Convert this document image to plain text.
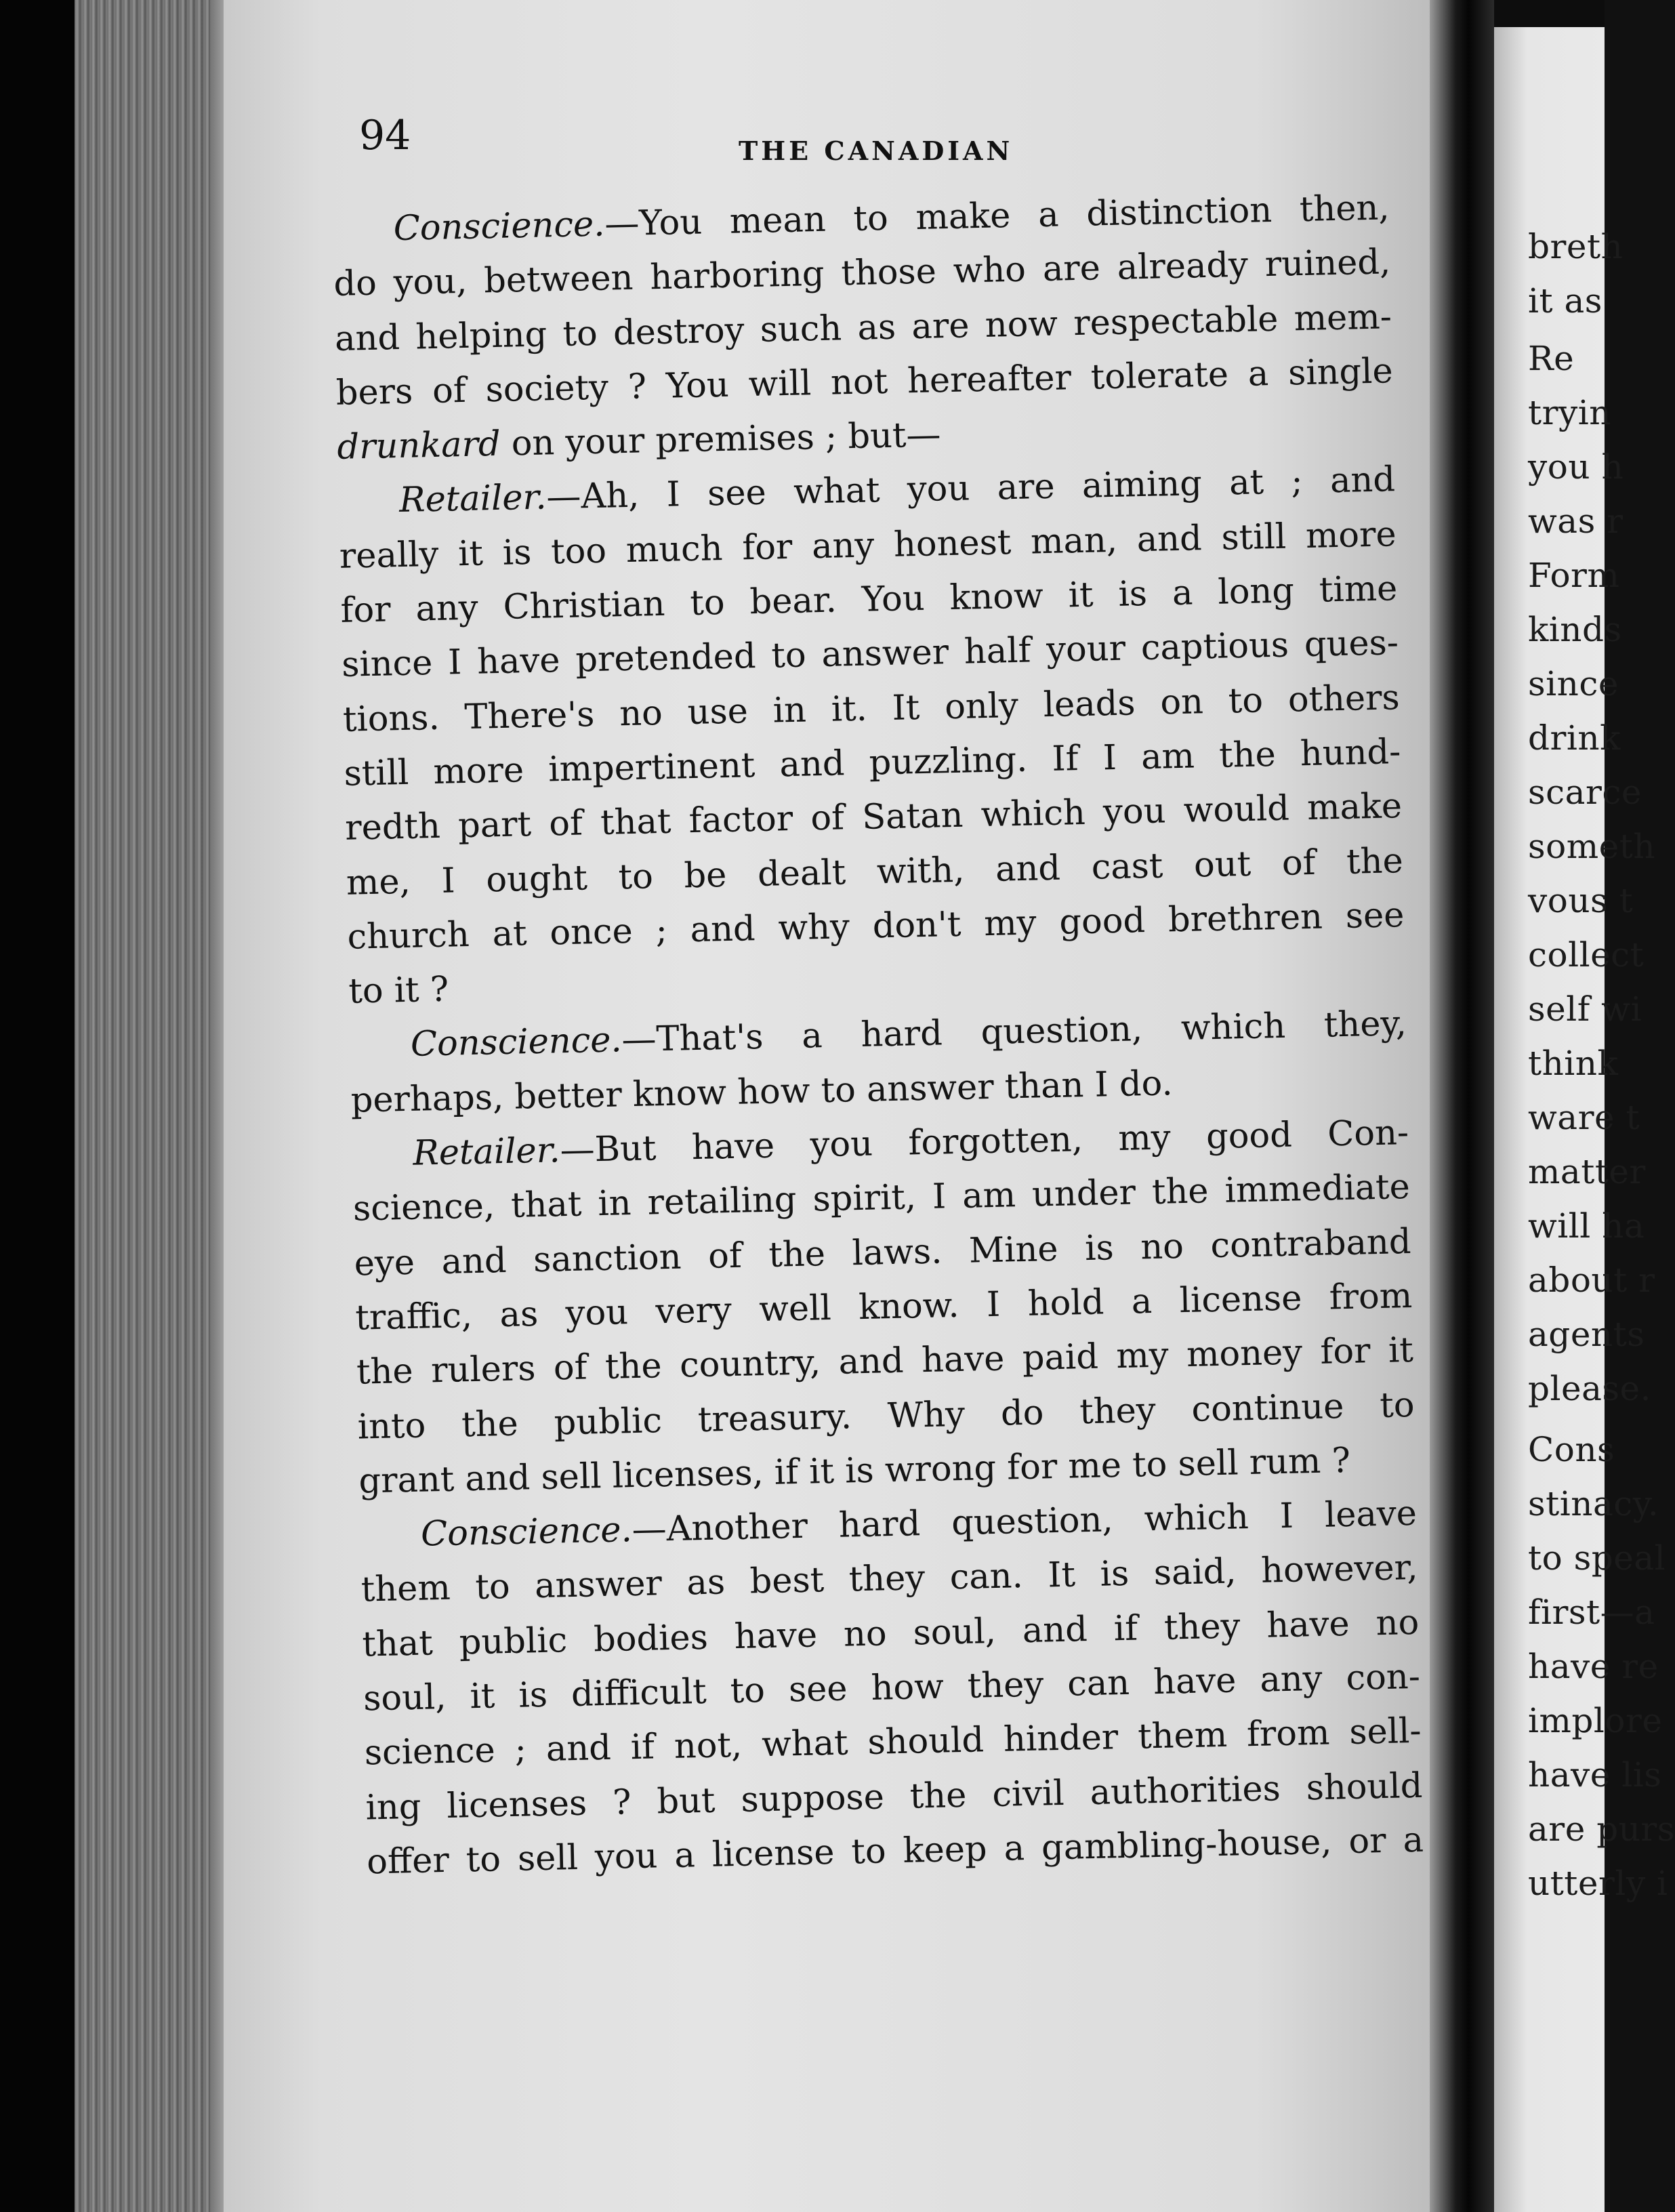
94	THE CANADIAN
Conscience.—You mean to make a distinction then,
do you, between harboring those who are already ruined,
and helping to destroy such as are now respectable mem-
bers of society ? You will not hereafter tolerate a single
drunkard on your premises ; but—
Retailer.—Ah, I see what you are aiming at ; and
really it is too much for any honest man, and still more
for any Christian to bear. You know it is a long time
since I have pretended to answer half your captious ques-
tions. There's no use in it. It only leads on to others
still more impertinent and puzzling. If I am the hund-
redth part of that factor of Satan which you would make
me, I ought to be dealt with, and cast out of the
church at once ; and why don't my good brethren see
to it ?
Conscience.—That's a hard question, which they,
perhaps, better know how to answer than I do.
Retailer.—But have you forgotten, my good Con-
science, that in retailing spirit, I am under the immediate
eye and sanction of the laws. Mine is no contraband
traffic, as you very well know. I hold a license from
the rulers of the country, and have paid my money for it
into the public treasury. Why do they continue to
grant and sell licenses, if it is wrong for me to sell rum ?
Conscience.—Another hard question, which I leave
them to answer as best they can. It is said, however,
that public bodies have no soul, and if they have no
soul, it is difficult to see how they can have any con-
science ; and if not, what should hinder them from sell-
ing licenses ? but suppose the civil authorities should
offer to sell you a license to keep a gambling-house, or a
breth
it as
Re
tryin
you h
was r
Form
kinds
since
drink
scarce
someth
vous t
collect
self wi
think
ware t
matter
will ha
about r
agents
please.
Cons
stinacy.
to speal
first—a
have re
implore
have lis
are purs
utterly i
